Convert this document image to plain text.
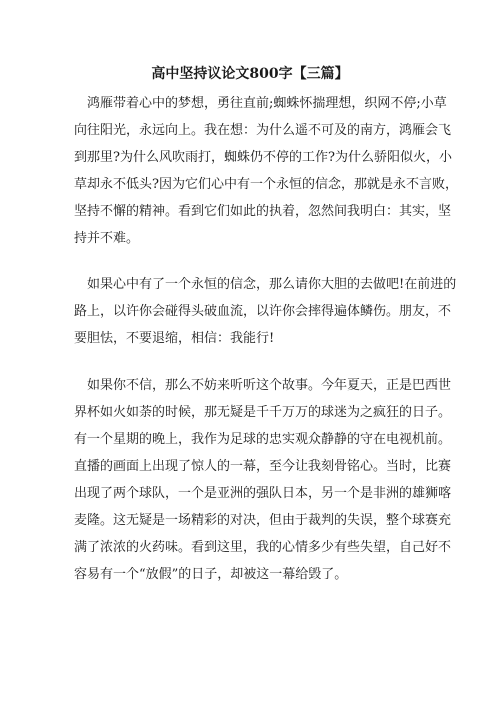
高中坚持议论文800字【三篇】
鸿雁带着心中的梦想，勇往直前;蜘蛛怀揣理想，织网不停;小草
向往阳光，永远向上。我在想：为什么遥不可及的南方，鸿雁会飞
到那里?为什么风吹雨打，蜘蛛仍不停的工作?为什么骄阳似火，小
草却永不低头?因为它们心中有一个永恒的信念，那就是永不言败，
坚持不懈的精神。看到它们如此的执着，忽然间我明白：其实，坚
持并不难。
如果心中有了一个永恒的信念，那么请你大胆的去做吧!在前进的
路上，以许你会碰得头破血流，以许你会摔得遍体鳞伤。朋友，不
要胆怯，不要退缩，相信：我能行!
如果你不信，那么不妨来听听这个故事。今年夏天，正是巴西世
界杯如火如荼的时候，那无疑是千千万万的球迷为之疯狂的日子。
有一个星期的晚上，我作为足球的忠实观众静静的守在电视机前。
直播的画面上出现了惊人的一幕，至今让我刻骨铭心。当时，比赛
出现了两个球队，一个是亚洲的强队日本，另一个是非洲的雄狮喀
麦隆。这无疑是一场精彩的对决，但由于裁判的失误，整个球赛充
满了浓浓的火药味。看到这里，我的心情多少有些失望，自己好不
容易有一个“放假”的日子，却被这一幕给毁了。
